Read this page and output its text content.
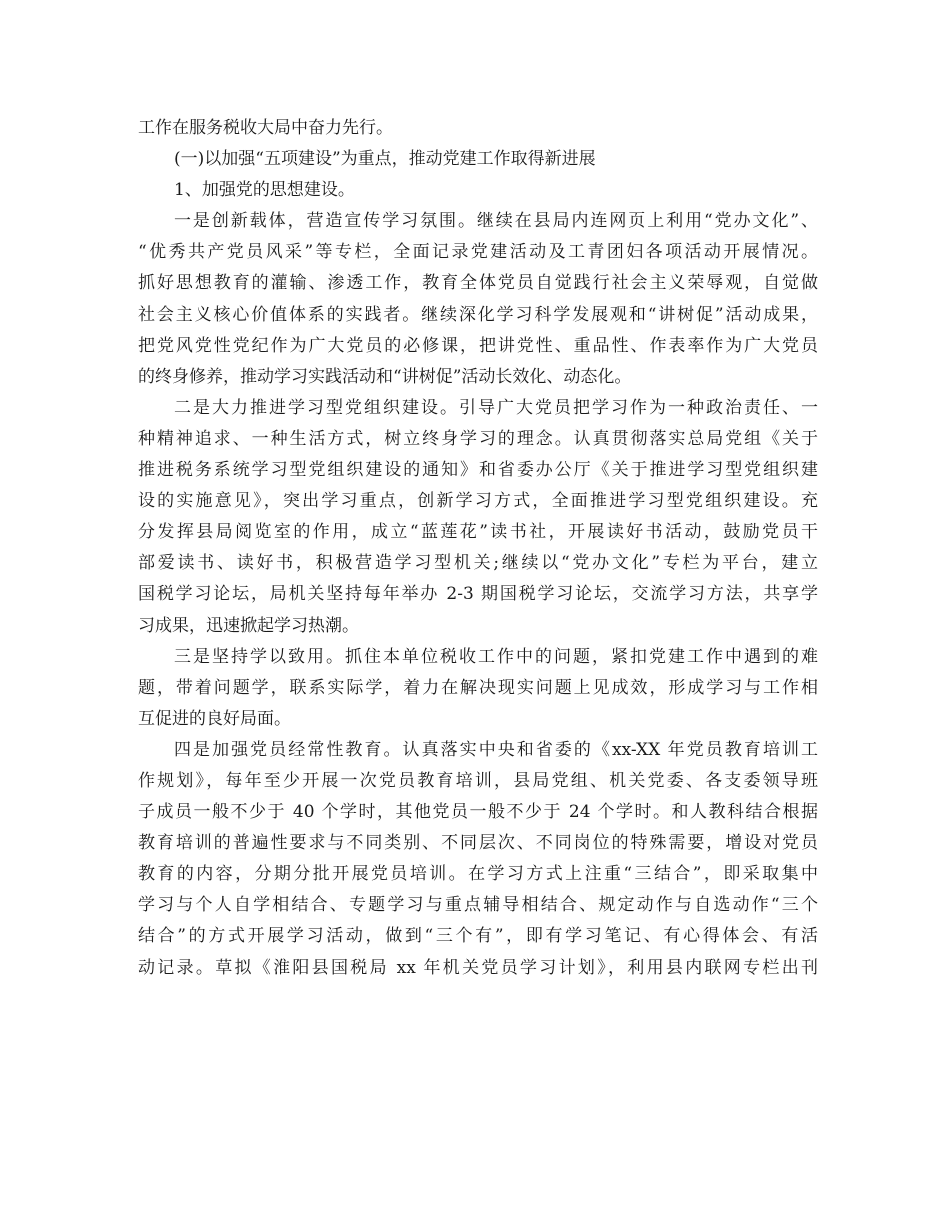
工作在服务税收大局中奋力先行。
(一)以加强“五项建设”为重点，推动党建工作取得新进展
1、加强党的思想建设。
一是创新载体，营造宣传学习氛围。继续在县局内连网页上利用“党办文化”、
“优秀共产党员风采”等专栏，全面记录党建活动及工青团妇各项活动开展情况。
抓好思想教育的灌输、渗透工作，教育全体党员自觉践行社会主义荣辱观，自觉做
社会主义核心价值体系的实践者。继续深化学习科学发展观和“讲树促”活动成果，
把党风党性党纪作为广大党员的必修课，把讲党性、重品性、作表率作为广大党员
的终身修养，推动学习实践活动和“讲树促”活动长效化、动态化。
二是大力推进学习型党组织建设。引导广大党员把学习作为一种政治责任、一
种精神追求、一种生活方式，树立终身学习的理念。认真贯彻落实总局党组《关于
推进税务系统学习型党组织建设的通知》和省委办公厅《关于推进学习型党组织建
设的实施意见》，突出学习重点，创新学习方式，全面推进学习型党组织建设。充
分发挥县局阅览室的作用，成立“蓝莲花”读书社，开展读好书活动，鼓励党员干
部爱读书、读好书，积极营造学习型机关;继续以“党办文化”专栏为平台，建立
国税学习论坛，局机关坚持每年举办 2-3 期国税学习论坛，交流学习方法，共享学
习成果，迅速掀起学习热潮。
三是坚持学以致用。抓住本单位税收工作中的问题，紧扣党建工作中遇到的难
题，带着问题学，联系实际学，着力在解决现实问题上见成效，形成学习与工作相
互促进的良好局面。
四是加强党员经常性教育。认真落实中央和省委的《xx-XX 年党员教育培训工
作规划》，每年至少开展一次党员教育培训，县局党组、机关党委、各支委领导班
子成员一般不少于 40 个学时，其他党员一般不少于 24 个学时。和人教科结合根据
教育培训的普遍性要求与不同类别、不同层次、不同岗位的特殊需要，增设对党员
教育的内容，分期分批开展党员培训。在学习方式上注重“三结合”，即采取集中
学习与个人自学相结合、专题学习与重点辅导相结合、规定动作与自选动作“三个
结合”的方式开展学习活动，做到“三个有”，即有学习笔记、有心得体会、有活
动记录。草拟《淮阳县国税局 xx 年机关党员学习计划》，利用县内联网专栏出刊
